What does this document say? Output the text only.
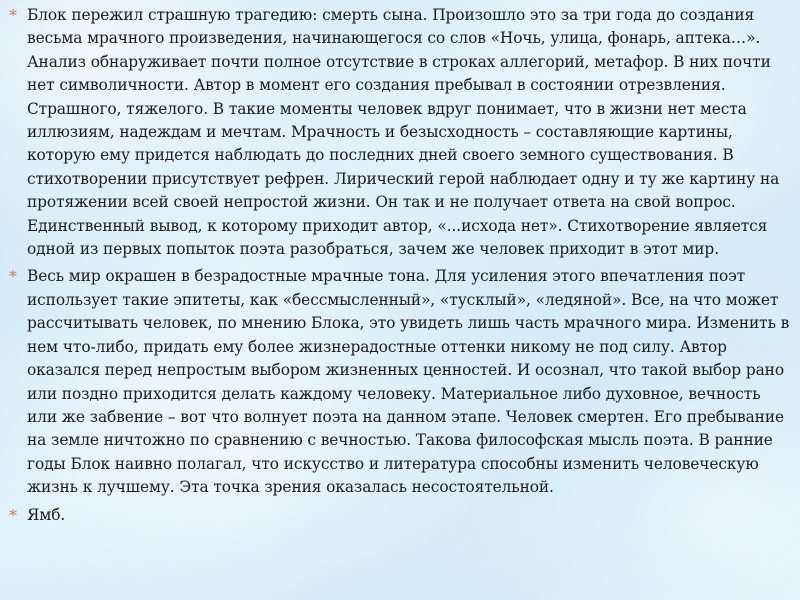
* Блок пережил страшную трагедию: смерть сына. Произошло это за три года до создания весьма мрачного произведения, начинающегося со слов «Ночь, улица, фонарь, аптека…». Анализ обнаруживает почти полное отсутствие в строках аллегорий, метафор. В них почти нет символичности. Автор в момент его создания пребывал в состоянии отрезвления. Страшного, тяжелого. В такие моменты человек вдруг понимает, что в жизни нет места иллюзиям, надеждам и мечтам. Мрачность и безысходность – составляющие картины, которую ему придется наблюдать до последних дней своего земного существования. В стихотворении присутствует рефрен. Лирический герой наблюдает одну и ту же картину на протяжении всей своей непростой жизни. Он так и не получает ответа на свой вопрос. Единственный вывод, к которому приходит автор, «...исхода нет». Стихотворение является одной из первых попыток поэта разобраться, зачем же человек приходит в этот мир.
* Весь мир окрашен в безрадостные мрачные тона. Для усиления этого впечатления поэт использует такие эпитеты, как «бессмысленный», «тусклый», «ледяной». Все, на что может рассчитывать человек, по мнению Блока, это увидеть лишь часть мрачного мира. Изменить в нем что-либо, придать ему более жизнерадостные оттенки никому не под силу. Автор оказался перед непростым выбором жизненных ценностей. И осознал, что такой выбор рано или поздно приходится делать каждому человеку. Материальное либо духовное, вечность или же забвение – вот что волнует поэта на данном этапе. Человек смертен. Его пребывание на земле ничтожно по сравнению с вечностью. Такова философская мысль поэта. В ранние годы Блок наивно полагал, что искусство и литература способны изменить человеческую жизнь к лучшему. Эта точка зрения оказалась несостоятельной.
* Ямб.
